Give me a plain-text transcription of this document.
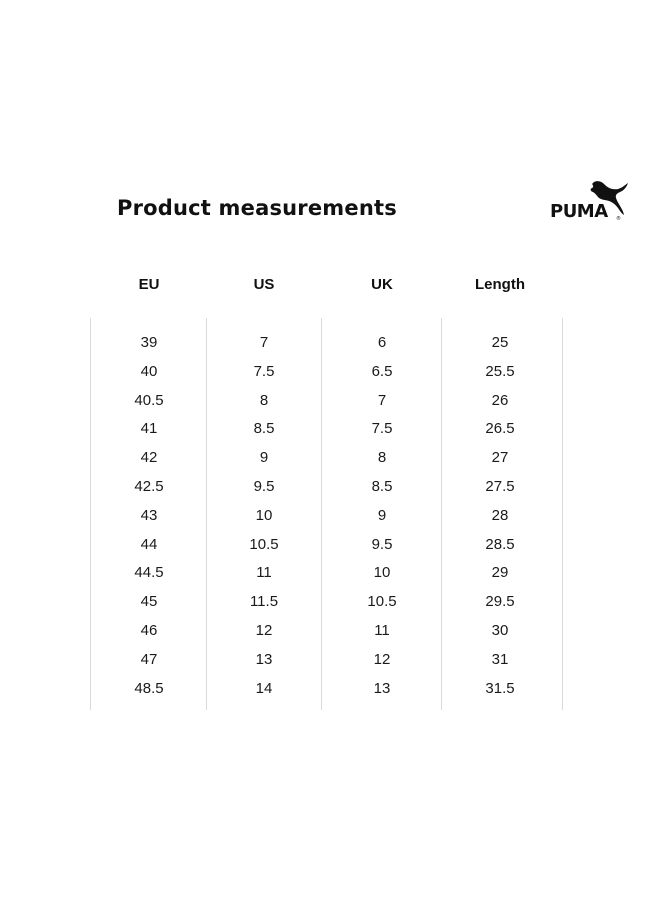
Product measurements	PUMA ®
EU	US	UK	Length
39	7	6	25
40	7.5	6.5	25.5
40.5	8	7	26
41	8.5	7.5	26.5
42	9	8	27
42.5	9.5	8.5	27.5
43	10	9	28
44	10.5	9.5	28.5
44.5	11	10	29
45	11.5	10.5	29.5
46	12	11	30
47	13	12	31
48.5	14	13	31.5
